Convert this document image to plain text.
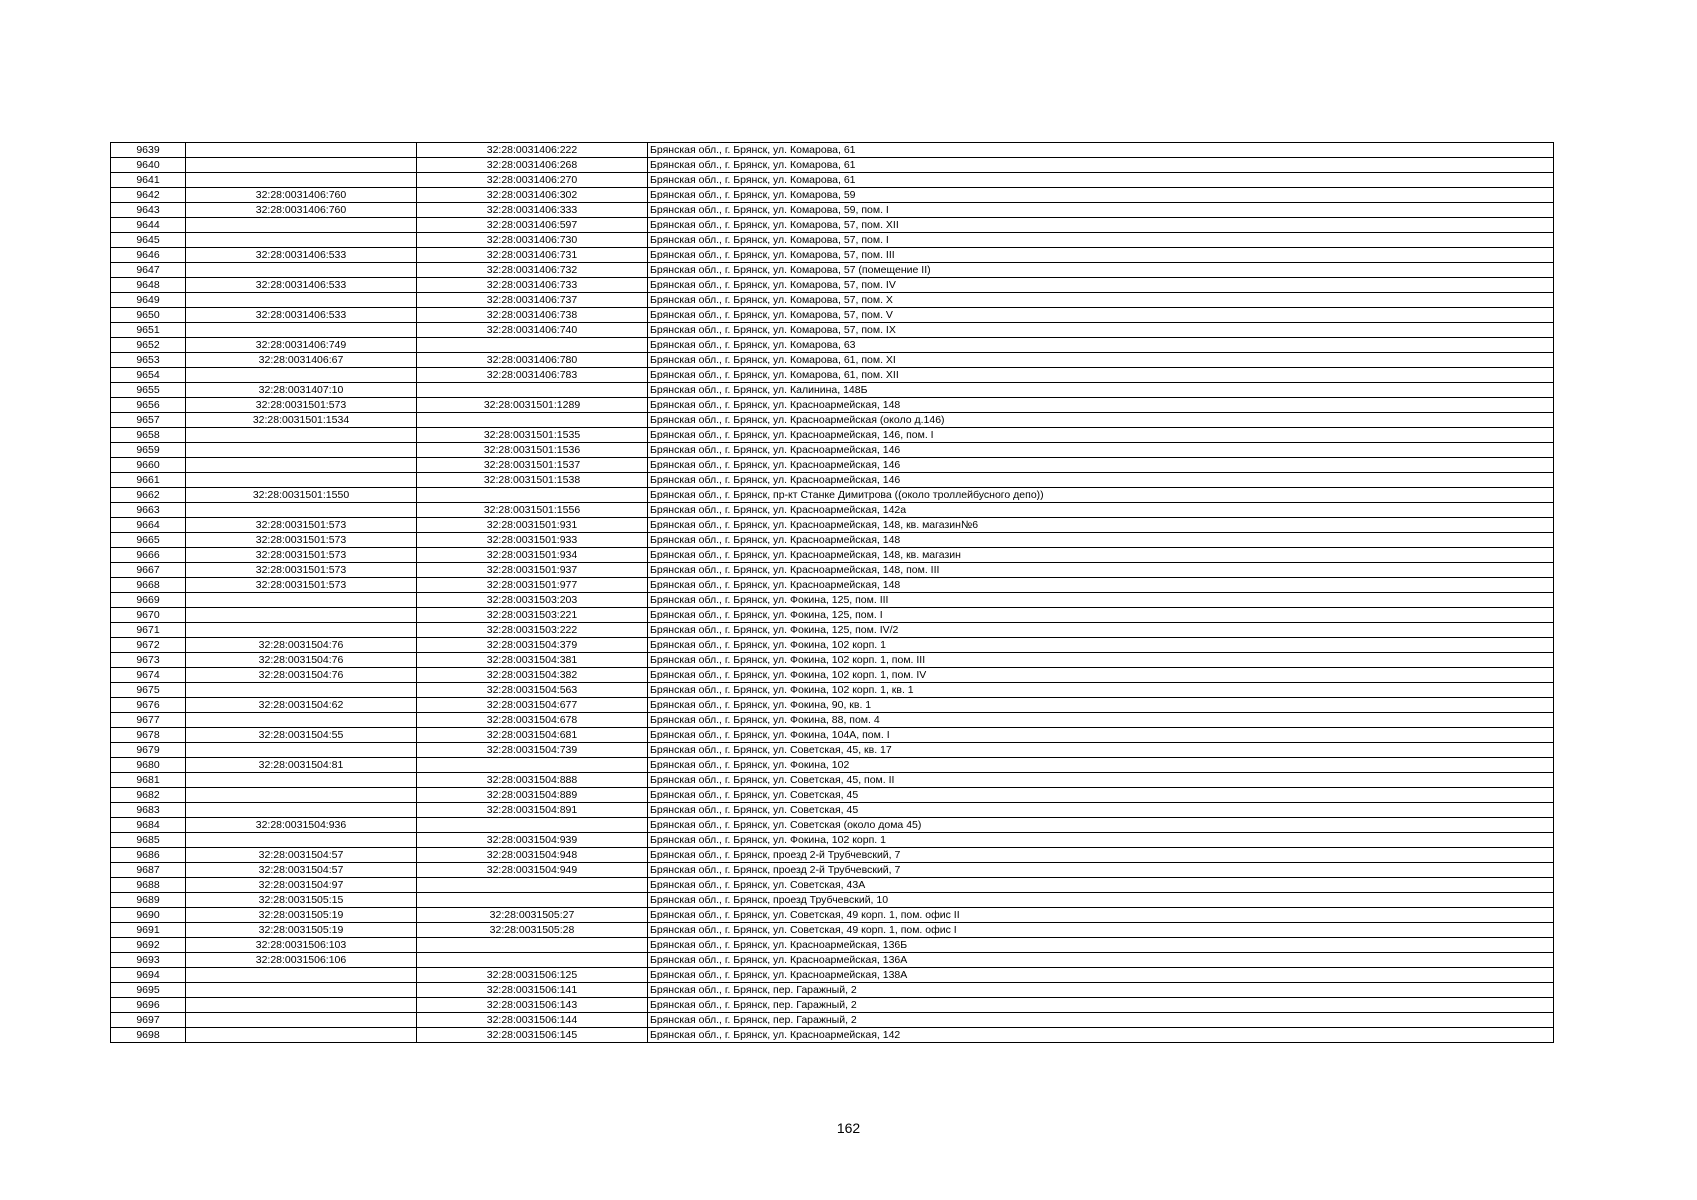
9639		32:28:0031406:222	Брянская обл., г. Брянск, ул. Комарова, 61
9640		32:28:0031406:268	Брянская обл., г. Брянск, ул. Комарова, 61
9641		32:28:0031406:270	Брянская обл., г. Брянск, ул. Комарова, 61
9642	32:28:0031406:760	32:28:0031406:302	Брянская обл., г. Брянск, ул. Комарова, 59
9643	32:28:0031406:760	32:28:0031406:333	Брянская обл., г. Брянск, ул. Комарова, 59, пом. I
9644		32:28:0031406:597	Брянская обл., г. Брянск, ул. Комарова, 57, пом. XII
9645		32:28:0031406:730	Брянская обл., г. Брянск, ул. Комарова, 57, пом. I
9646	32:28:0031406:533	32:28:0031406:731	Брянская обл., г. Брянск, ул. Комарова, 57, пом. III
9647		32:28:0031406:732	Брянская обл., г. Брянск, ул. Комарова, 57 (помещение II)
9648	32:28:0031406:533	32:28:0031406:733	Брянская обл., г. Брянск, ул. Комарова, 57, пом. IV
9649		32:28:0031406:737	Брянская обл., г. Брянск, ул. Комарова, 57, пом. X
9650	32:28:0031406:533	32:28:0031406:738	Брянская обл., г. Брянск, ул. Комарова, 57, пом. V
9651		32:28:0031406:740	Брянская обл., г. Брянск, ул. Комарова, 57, пом. IX
9652	32:28:0031406:749		Брянская обл., г. Брянск, ул. Комарова, 63
9653	32:28:0031406:67	32:28:0031406:780	Брянская обл., г. Брянск, ул. Комарова, 61, пом. XI
9654		32:28:0031406:783	Брянская обл., г. Брянск, ул. Комарова, 61, пом. XII
9655	32:28:0031407:10		Брянская обл., г. Брянск, ул. Калинина, 148Б
9656	32:28:0031501:573	32:28:0031501:1289	Брянская обл., г. Брянск, ул. Красноармейская, 148
9657	32:28:0031501:1534		Брянская обл., г. Брянск, ул. Красноармейская (около д.146)
9658		32:28:0031501:1535	Брянская обл., г. Брянск, ул. Красноармейская, 146, пом. I
9659		32:28:0031501:1536	Брянская обл., г. Брянск, ул. Красноармейская, 146
9660		32:28:0031501:1537	Брянская обл., г. Брянск, ул. Красноармейская, 146
9661		32:28:0031501:1538	Брянская обл., г. Брянск, ул. Красноармейская, 146
9662	32:28:0031501:1550		Брянская обл., г. Брянск, пр-кт Станке Димитрова ((около троллейбусного депо))
9663		32:28:0031501:1556	Брянская обл., г. Брянск, ул. Красноармейская, 142а
9664	32:28:0031501:573	32:28:0031501:931	Брянская обл., г. Брянск, ул. Красноармейская, 148, кв. магазин№6
9665	32:28:0031501:573	32:28:0031501:933	Брянская обл., г. Брянск, ул. Красноармейская, 148
9666	32:28:0031501:573	32:28:0031501:934	Брянская обл., г. Брянск, ул. Красноармейская, 148, кв. магазин
9667	32:28:0031501:573	32:28:0031501:937	Брянская обл., г. Брянск, ул. Красноармейская, 148, пом. III
9668	32:28:0031501:573	32:28:0031501:977	Брянская обл., г. Брянск, ул. Красноармейская, 148
9669		32:28:0031503:203	Брянская обл., г. Брянск, ул. Фокина, 125, пом. III
9670		32:28:0031503:221	Брянская обл., г. Брянск, ул. Фокина, 125, пом. I
9671		32:28:0031503:222	Брянская обл., г. Брянск, ул. Фокина, 125, пом. IV/2
9672	32:28:0031504:76	32:28:0031504:379	Брянская обл., г. Брянск, ул. Фокина, 102 корп. 1
9673	32:28:0031504:76	32:28:0031504:381	Брянская обл., г. Брянск, ул. Фокина, 102 корп. 1, пом. III
9674	32:28:0031504:76	32:28:0031504:382	Брянская обл., г. Брянск, ул. Фокина, 102 корп. 1, пом. IV
9675		32:28:0031504:563	Брянская обл., г. Брянск, ул. Фокина, 102 корп. 1, кв. 1
9676	32:28:0031504:62	32:28:0031504:677	Брянская обл., г. Брянск, ул. Фокина, 90, кв. 1
9677		32:28:0031504:678	Брянская обл., г. Брянск, ул. Фокина, 88, пом. 4
9678	32:28:0031504:55	32:28:0031504:681	Брянская обл., г. Брянск, ул. Фокина, 104А, пом. I
9679		32:28:0031504:739	Брянская обл., г. Брянск, ул. Советская, 45, кв. 17
9680	32:28:0031504:81		Брянская обл., г. Брянск, ул. Фокина, 102
9681		32:28:0031504:888	Брянская обл., г. Брянск, ул. Советская, 45, пом. II
9682		32:28:0031504:889	Брянская обл., г. Брянск, ул. Советская, 45
9683		32:28:0031504:891	Брянская обл., г. Брянск, ул. Советская, 45
9684	32:28:0031504:936		Брянская обл., г. Брянск, ул. Советская (около дома 45)
9685		32:28:0031504:939	Брянская обл., г. Брянск, ул. Фокина, 102 корп. 1
9686	32:28:0031504:57	32:28:0031504:948	Брянская обл., г. Брянск, проезд 2-й Трубчевский, 7
9687	32:28:0031504:57	32:28:0031504:949	Брянская обл., г. Брянск, проезд 2-й Трубчевский, 7
9688	32:28:0031504:97		Брянская обл., г. Брянск, ул. Советская, 43А
9689	32:28:0031505:15		Брянская обл., г. Брянск, проезд Трубчевский, 10
9690	32:28:0031505:19	32:28:0031505:27	Брянская обл., г. Брянск, ул. Советская, 49 корп. 1, пом. офис II
9691	32:28:0031505:19	32:28:0031505:28	Брянская обл., г. Брянск, ул. Советская, 49 корп. 1, пом. офис I
9692	32:28:0031506:103		Брянская обл., г. Брянск, ул. Красноармейская, 136Б
9693	32:28:0031506:106		Брянская обл., г. Брянск, ул. Красноармейская, 136А
9694		32:28:0031506:125	Брянская обл., г. Брянск, ул. Красноармейская, 138А
9695		32:28:0031506:141	Брянская обл., г. Брянск, пер. Гаражный, 2
9696		32:28:0031506:143	Брянская обл., г. Брянск, пер. Гаражный, 2
9697		32:28:0031506:144	Брянская обл., г. Брянск, пер. Гаражный, 2
9698		32:28:0031506:145	Брянская обл., г. Брянск, ул. Красноармейская, 142
162
